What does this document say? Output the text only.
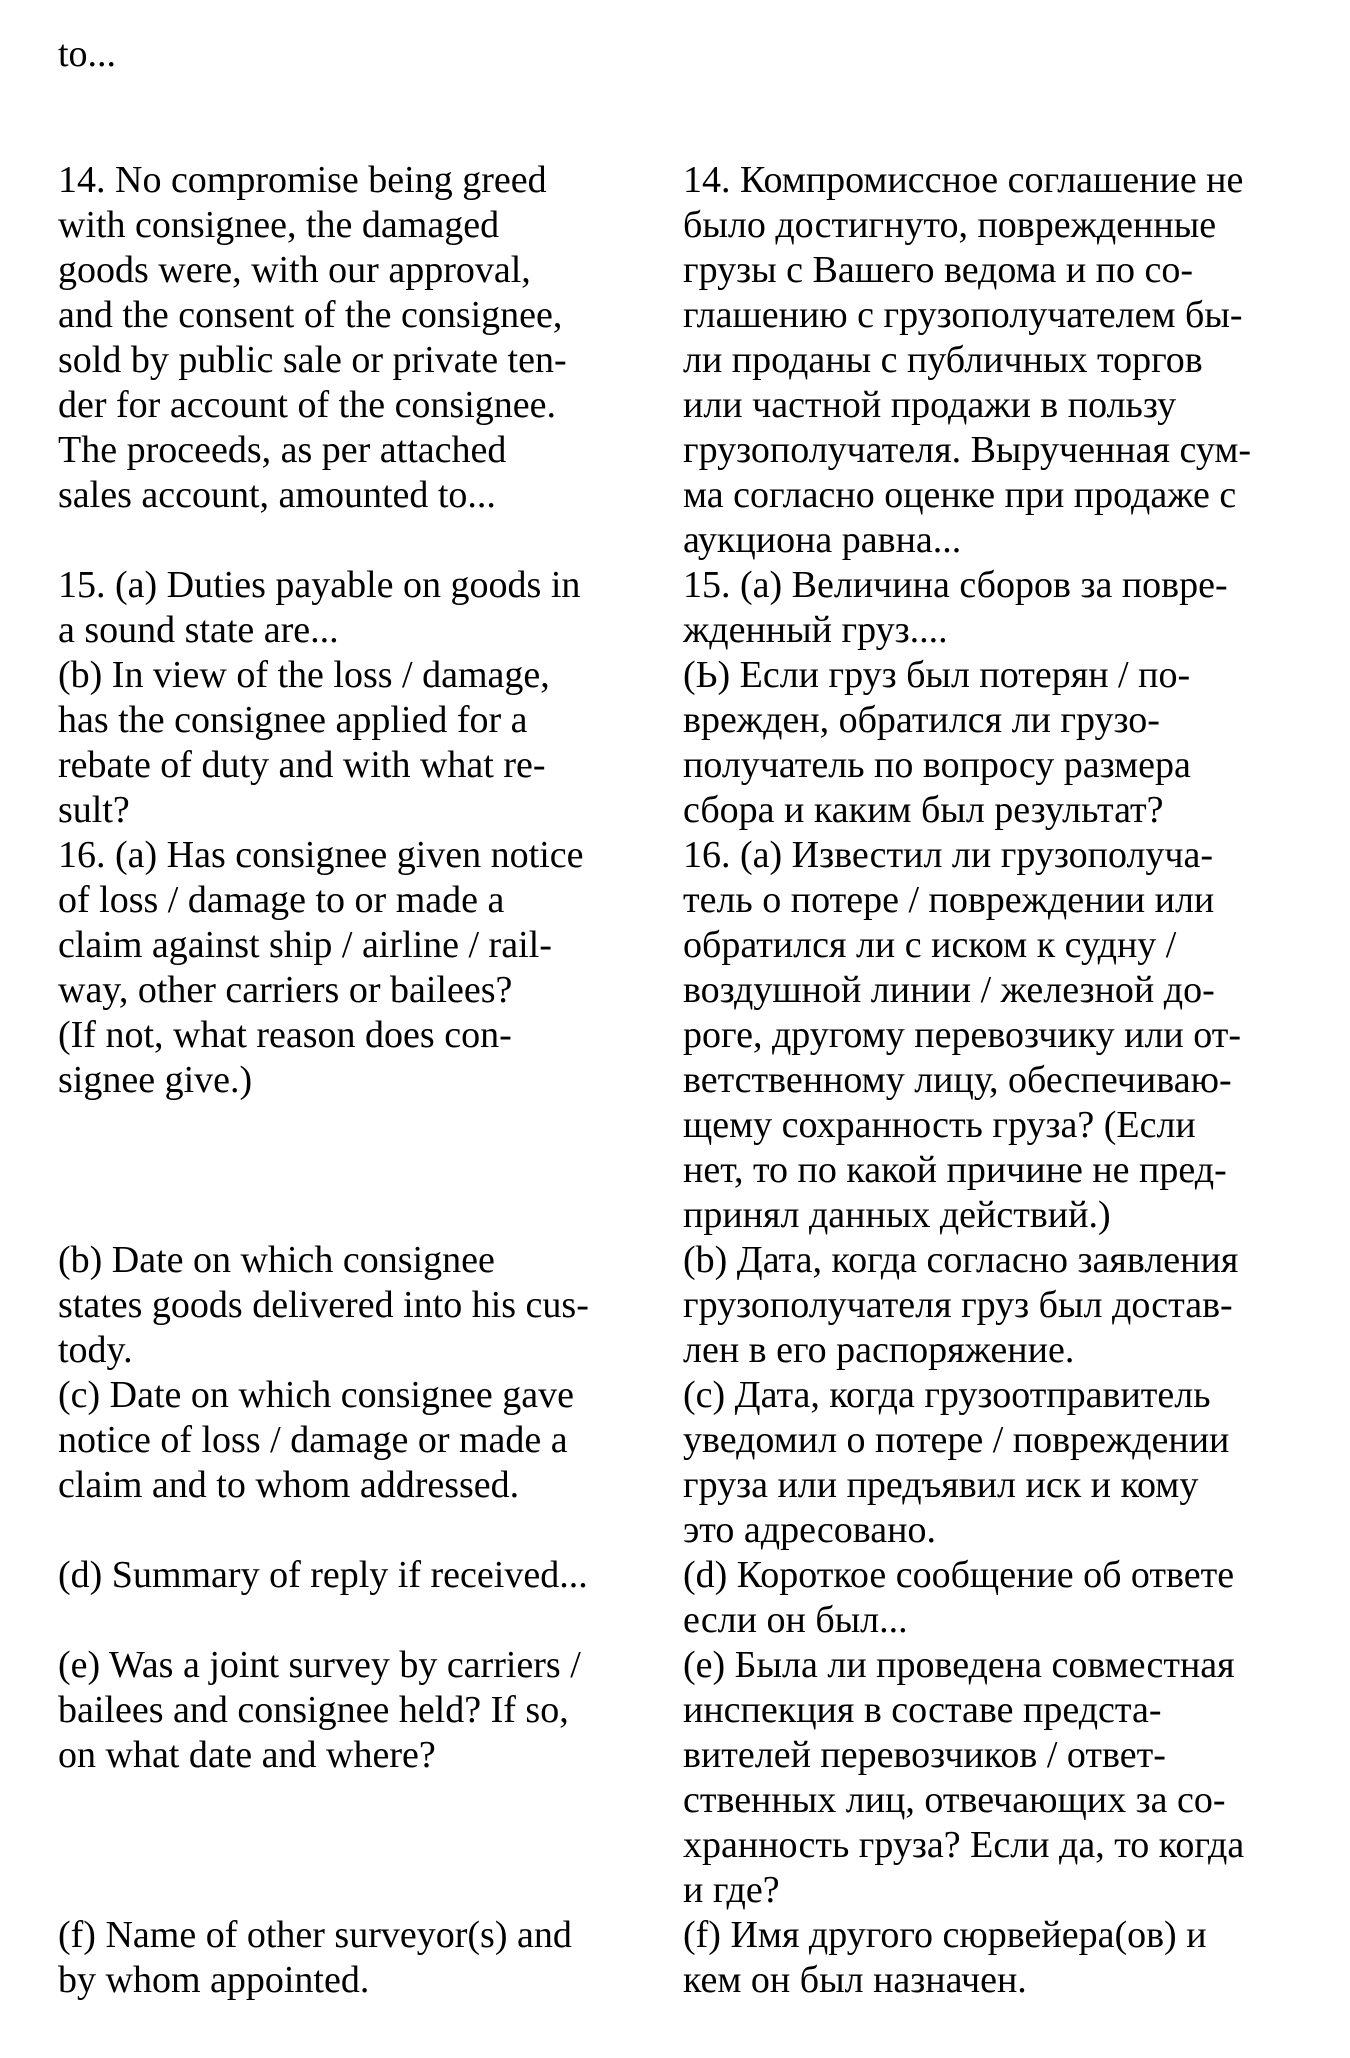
to...

14. No compromise being greed
with consignee, the damaged
goods were, with our approval,
and the consent of the consignee,
sold by public sale or private ten-
der for account of the consignee.
The proceeds, as per attached
sales account, amounted to...

14. Компромиссное соглашение не
было достигнуто, поврежденные
грузы с Вашего ведома и по со-
глашению с грузополучателем бы-
ли проданы с публичных торгов
или частной продажи в пользу
грузополучателя. Вырученная сум-
ма согласно оценке при продаже с
аукциона равна...

15. (a) Duties payable on goods in
a sound state are...

15. (а) Величина сборов за повре-
жденный груз....

(b) In view of the loss / damage,
has the consignee applied for a
rebate of duty and with what re-
sult?

(Ь) Если груз был потерян / по-
врежден, обратился ли грузо-
получатель по вопросу размера
сбора и каким был результат?

16. (a) Has consignee given notice
of loss / damage to or made a
claim against ship / airline / rail-
way, other carriers or bailees?
(If not, what reason does con-
signee give.)

16. (а) Известил ли грузополуча-
тель о потере / повреждении или
обратился ли с иском к судну /
воздушной линии / железной до-
роге, другому перевозчику или от-
ветственному лицу, обеспечиваю-
щему сохранность груза? (Если
нет, то по какой причине не пред-
принял данных действий.)

(b) Date on which consignee
states goods delivered into his cus-
tody.

(b) Дата, когда согласно заявления
грузополучателя груз был достав-
лен в его распоряжение.

(c) Date on which consignee gave
notice of loss / damage or made a
claim and to whom addressed.

(с) Дата, когда грузоотправитель
уведомил о потере / повреждении
груза или предъявил иск и кому
это адресовано.

(d) Summary of reply if received...	(d) Короткое сообщение об ответе
если он был...

(e) Was a joint survey by carriers /
bailees and consignee held? If so,
on what date and where?

(е) Была ли проведена совместная
инспекция в составе предста-
вителей перевозчиков / ответ-
ственных лиц, отвечающих за со-
хранность груза? Если да, то когда
и где?

(f) Name of other surveyor(s) and
by whom appointed.

(f) Имя другого сюрвейера(ов) и
кем он был назначен.
